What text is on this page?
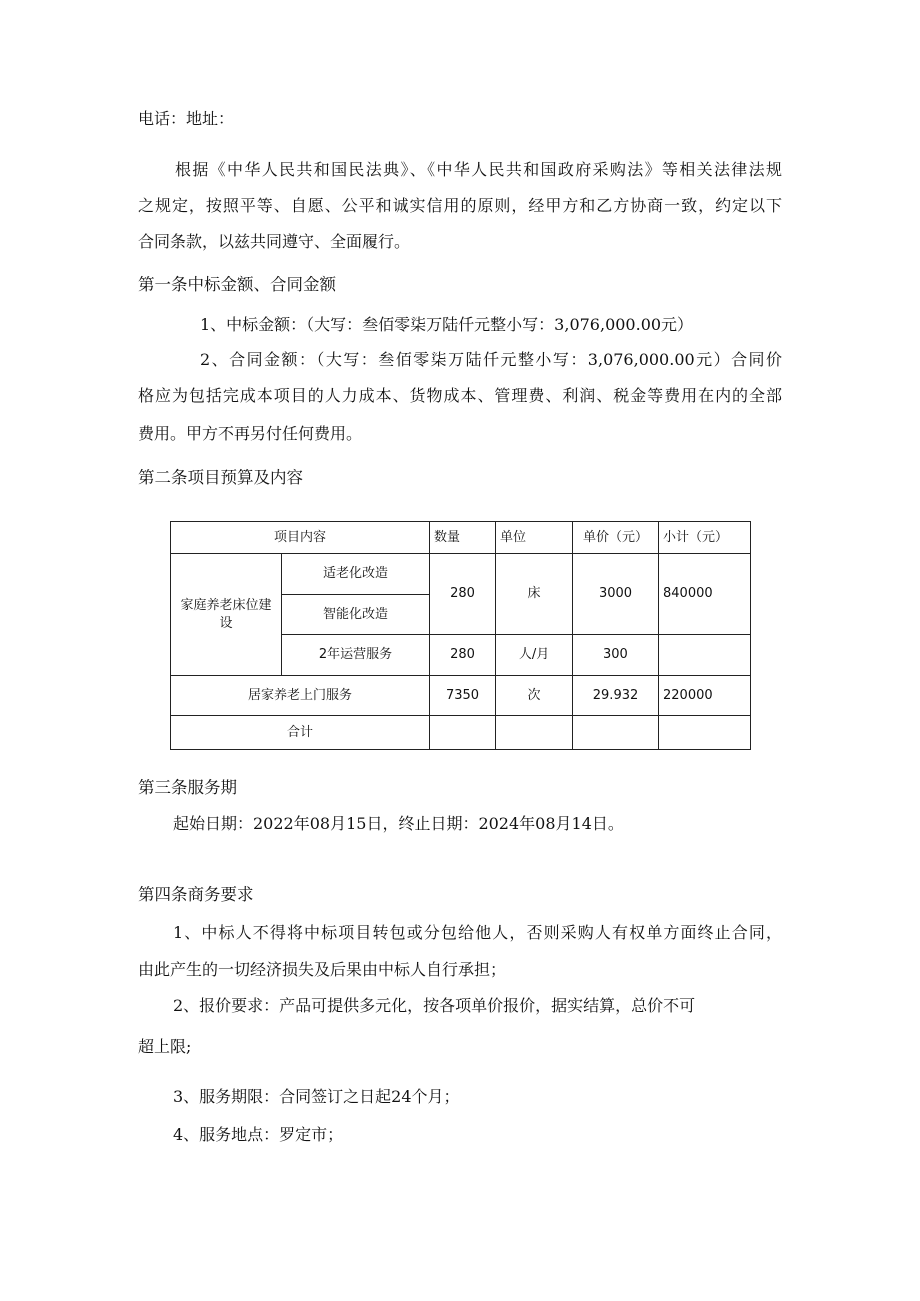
电话：地址：
根据《中华人民共和国民法典》、《中华人民共和国政府采购法》等相关法律法规
之规定，按照平等、自愿、公平和诚实信用的原则，经甲方和乙方协商一致，约定以下
合同条款，以兹共同遵守、全面履行。
第一条中标金额、合同金额
1、中标金额：（大写：叁佰零柒万陆仟元整小写：3,076,000.00元）
2、合同金额：（大写：叁佰零柒万陆仟元整小写：3,076,000.00元）合同价
格应为包括完成本项目的人力成本、货物成本、管理费、利润、税金等费用在内的全部
费用。甲方不再另付任何费用。
第二条项目预算及内容
项目内容		数量	单位	单价（元）	小计（元）
家庭养老床位建设	适老化改造	280	床	3000	840000
	智能化改造				
	2年运营服务	280	人/月	300	
居家养老上门服务		7350	次	29.932	220000
合计					
第三条服务期
起始日期：2022年08月15日，终止日期：2024年08月14日。
第四条商务要求
1、中标人不得将中标项目转包或分包给他人，否则采购人有权单方面终止合同，
由此产生的一切经济损失及后果由中标人自行承担；
2、报价要求：产品可提供多元化，按各项单价报价，据实结算，总价不可
超上限;
3、服务期限：合同签订之日起24个月；
4、服务地点：罗定市；
